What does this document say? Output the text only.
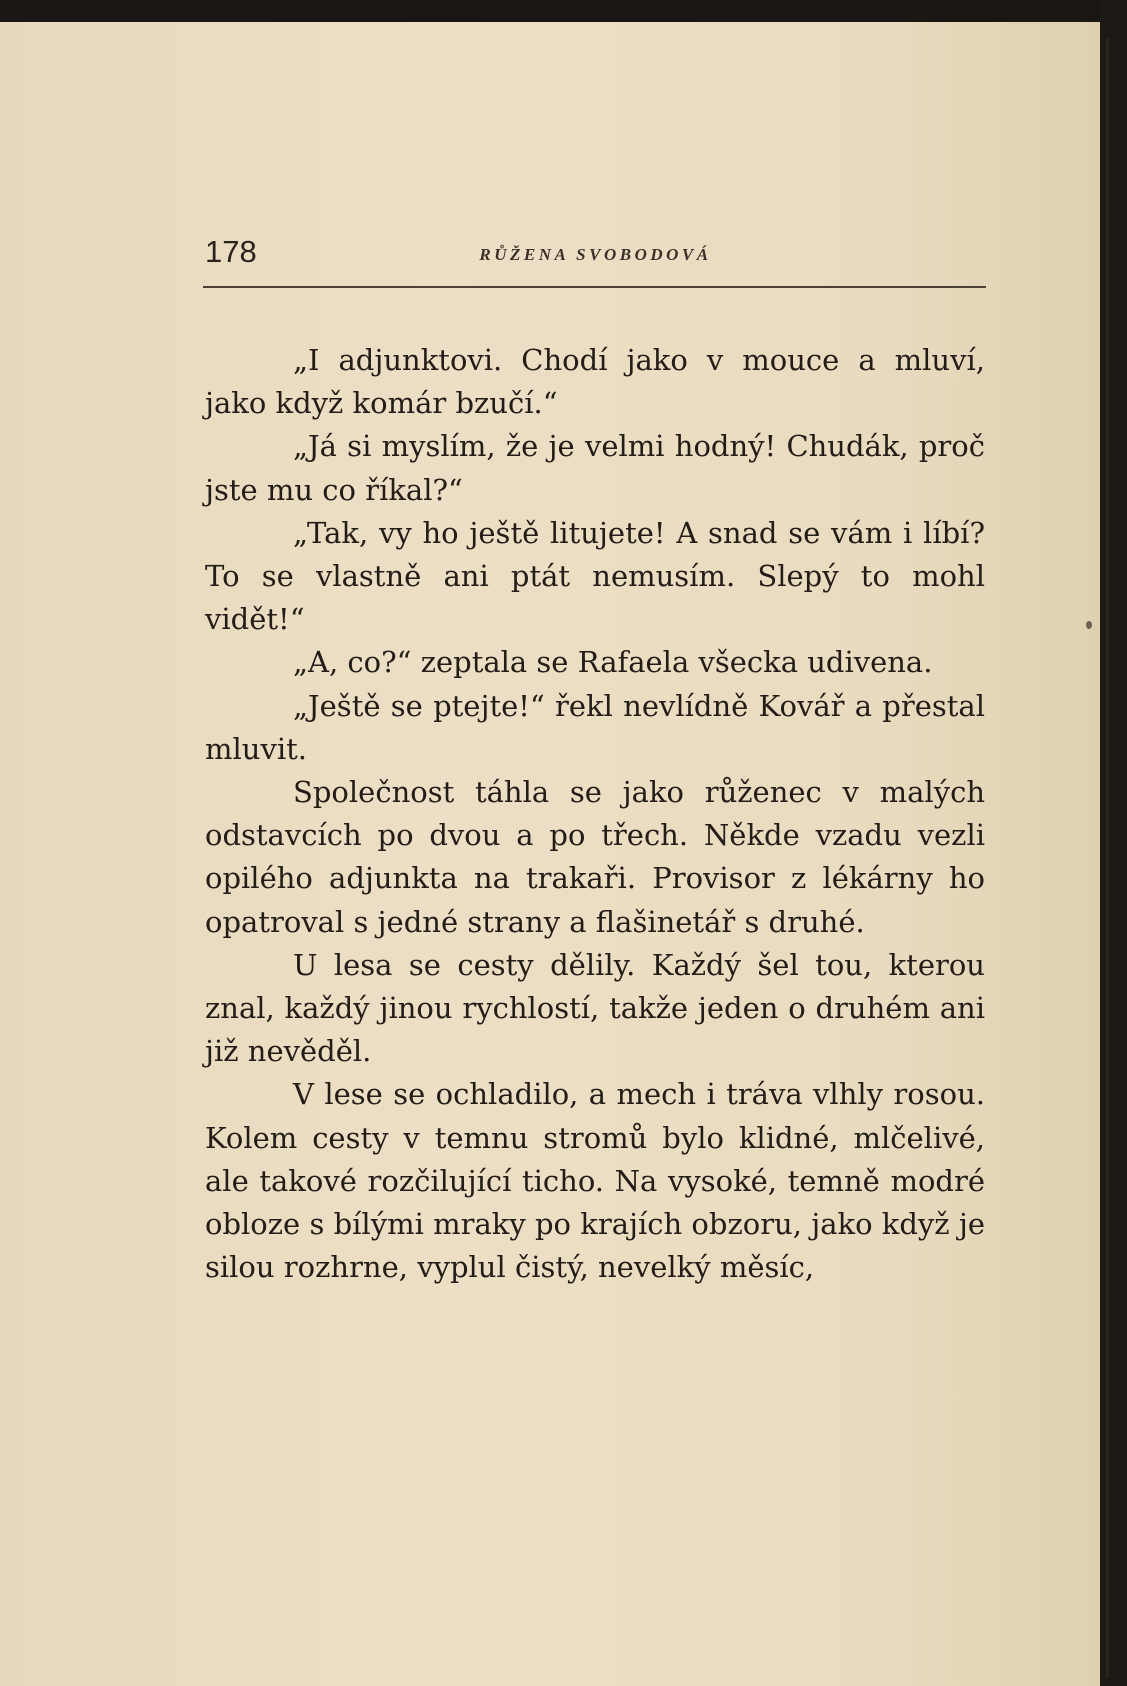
178	RŮŽENA SVOBODOVÁ

„I adjunktovi. Chodí jako v mouce a mluví, jako když komár bzučí.“

„Já si myslím, že je velmi hodný! Chudák, proč jste mu co říkal?“

„Tak, vy ho ještě litujete! A snad se vám i líbí? To se vlastně ani ptát nemusím. Slepý to mohl vidět!“

„A, co?“ zeptala se Rafaela všecka udivena.

„Ještě se ptejte!“ řekl nevlídně Kovář a přestal mluvit.

Společnost táhla se jako růženec v malých odstavcích po dvou a po třech. Někde vzadu vezli opilého adjunkta na trakaři. Provisor z lékárny ho opatroval s jedné strany a flašinetář s druhé.

U lesa se cesty dělily. Každý šel tou, kterou znal, každý jinou rychlostí, takže jeden o druhém ani již nevěděl.

V lese se ochladilo, a mech i tráva vlhly rosou. Kolem cesty v temnu stromů bylo klidné, mlčelivé, ale takové rozčilující ticho. Na vysoké, temně modré obloze s bílými mraky po krajích obzoru, jako když je silou rozhrne, vyplul čistý, nevelký měsíc,
